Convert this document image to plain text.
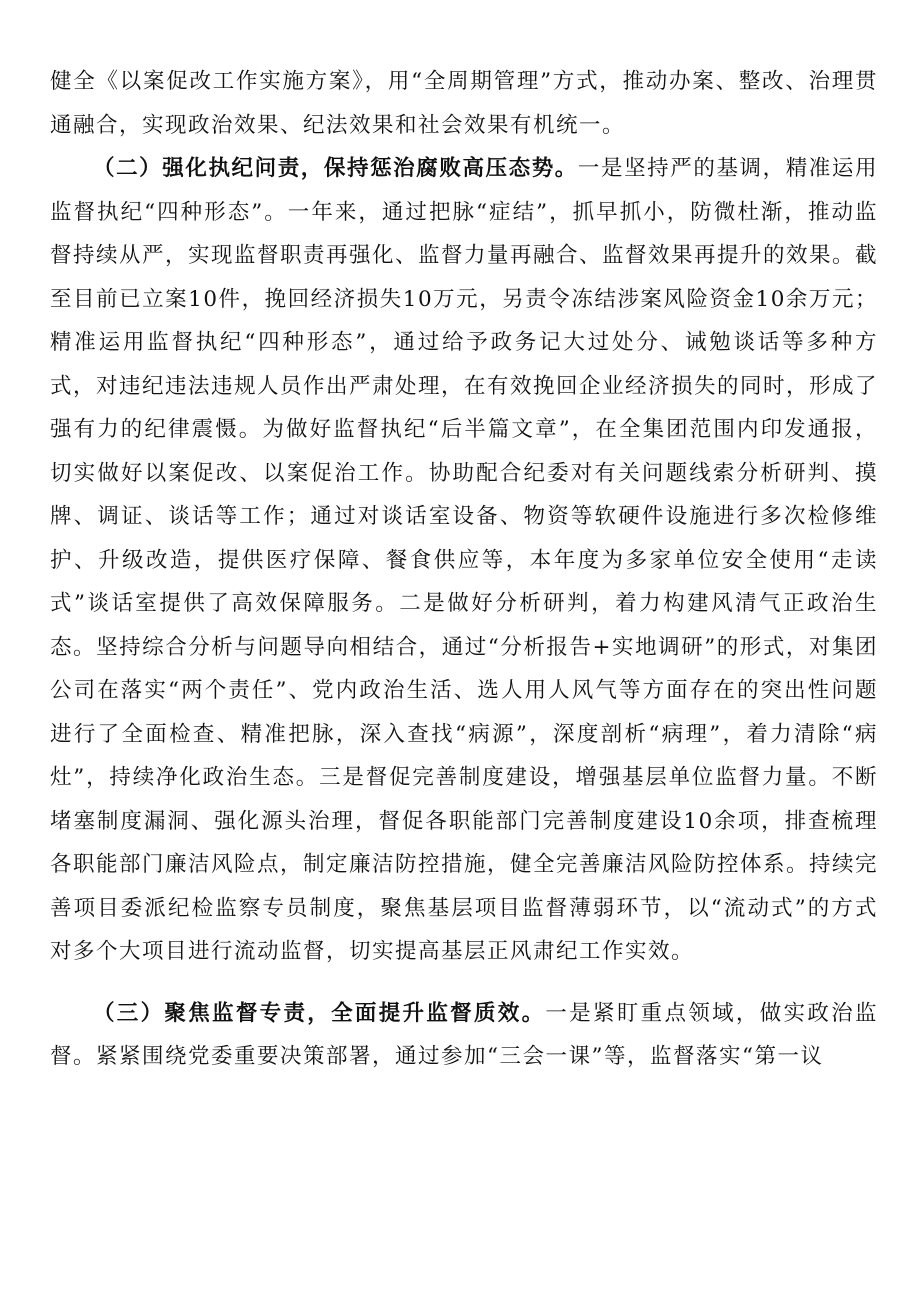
健全《以案促改工作实施方案》，用“全周期管理”方式，推动办案、整改、治理贯通融合，实现政治效果、纪法效果和社会效果有机统一。

（二）强化执纪问责，保持惩治腐败高压态势。一是坚持严的基调，精准运用监督执纪“四种形态”。一年来，通过把脉“症结”，抓早抓小，防微杜渐，推动监督持续从严，实现监督职责再强化、监督力量再融合、监督效果再提升的效果。截至目前已立案10件，挽回经济损失10万元，另责令冻结涉案风险资金10余万元；精准运用监督执纪“四种形态”，通过给予政务记大过处分、诫勉谈话等多种方式，对违纪违法违规人员作出严肃处理，在有效挽回企业经济损失的同时，形成了强有力的纪律震慑。为做好监督执纪“后半篇文章”，在全集团范围内印发通报，切实做好以案促改、以案促治工作。协助配合纪委对有关问题线索分析研判、摸牌、调证、谈话等工作；通过对谈话室设备、物资等软硬件设施进行多次检修维护、升级改造，提供医疗保障、餐食供应等，本年度为多家单位安全使用“走读式”谈话室提供了高效保障服务。二是做好分析研判，着力构建风清气正政治生态。坚持综合分析与问题导向相结合，通过“分析报告+实地调研”的形式，对集团公司在落实“两个责任”、党内政治生活、选人用人风气等方面存在的突出性问题进行了全面检查、精准把脉，深入查找“病源”，深度剖析“病理”，着力清除“病灶”，持续净化政治生态。三是督促完善制度建设，增强基层单位监督力量。不断堵塞制度漏洞、强化源头治理，督促各职能部门完善制度建设10余项，排查梳理各职能部门廉洁风险点，制定廉洁防控措施，健全完善廉洁风险防控体系。持续完善项目委派纪检监察专员制度，聚焦基层项目监督薄弱环节，以“流动式”的方式对多个大项目进行流动监督，切实提高基层正风肃纪工作实效。

（三）聚焦监督专责，全面提升监督质效。一是紧盯重点领域，做实政治监督。紧紧围绕党委重要决策部署，通过参加“三会一课”等，监督落实“第一议
